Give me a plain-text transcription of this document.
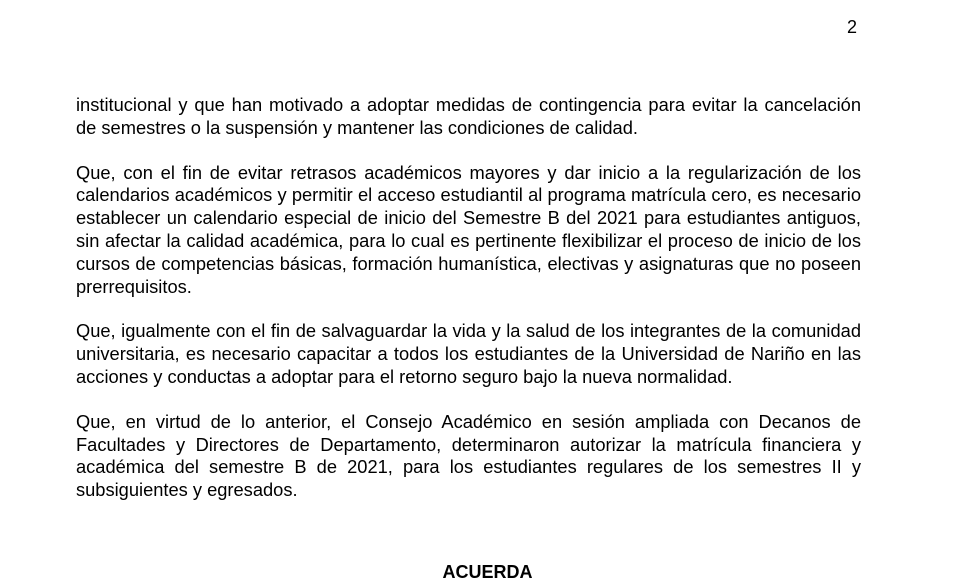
2

institucional y que han motivado a adoptar medidas de contingencia para evitar la cancelación de semestres o la suspensión y mantener las condiciones de calidad.

Que, con el fin de evitar retrasos académicos mayores y dar inicio a la regularización de los calendarios académicos y permitir el acceso estudiantil al programa matrícula cero, es necesario establecer un calendario especial de inicio del Semestre B del 2021 para estudiantes antiguos, sin afectar la calidad académica, para lo cual es pertinente flexibilizar el proceso de inicio de los cursos de competencias básicas, formación humanística, electivas y asignaturas que no poseen prerrequisitos.

Que, igualmente con el fin de salvaguardar la vida y la salud de los integrantes de la comunidad universitaria, es necesario capacitar a todos los estudiantes de la Universidad de Nariño en las acciones y conductas a adoptar para el retorno seguro bajo la nueva normalidad.

Que, en virtud de lo anterior, el Consejo Académico en sesión ampliada con Decanos de Facultades y Directores de Departamento, determinaron autorizar la matrícula financiera y académica del semestre B de 2021, para los estudiantes regulares de los semestres II y subsiguientes y egresados.

ACUERDA
